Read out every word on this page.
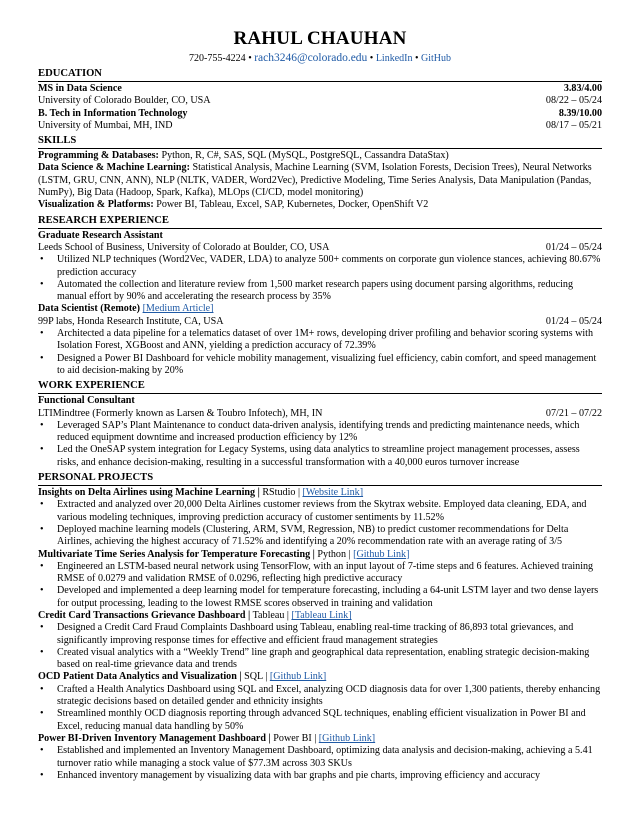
RAHUL CHAUHAN
720-755-4224 • rach3246@colorado.edu • LinkedIn • GitHub
EDUCATION
MS in Data Science	3.83/4.00
University of Colorado Boulder, CO, USA	08/22 – 05/24
B. Tech in Information Technology	8.39/10.00
University of Mumbai, MH, IND	08/17 – 05/21
SKILLS
Programming & Databases: Python, R, C#, SAS, SQL (MySQL, PostgreSQL, Cassandra DataStax)
Data Science & Machine Learning: Statistical Analysis, Machine Learning (SVM, Isolation Forests, Decision Trees), Neural Networks (LSTM, GRU, CNN, ANN), NLP (NLTK, VADER, Word2Vec), Predictive Modeling, Time Series Analysis, Data Manipulation (Pandas, NumPy), Big Data (Hadoop, Spark, Kafka), MLOps (CI/CD, model monitoring)
Visualization & Platforms: Power BI, Tableau, Excel, SAP, Kubernetes, Docker, OpenShift V2
RESEARCH EXPERIENCE
Graduate Research Assistant
Leeds School of Business, University of Colorado at Boulder, CO, USA	01/24 – 05/24
• Utilized NLP techniques (Word2Vec, VADER, LDA) to analyze 500+ comments on corporate gun violence stances, achieving 80.67% prediction accuracy
• Automated the collection and literature review from 1,500 market research papers using document parsing algorithms, reducing manual effort by 90% and accelerating the research process by 35%
Data Scientist (Remote) [Medium Article]
99P labs, Honda Research Institute, CA, USA	01/24 – 05/24
• Architected a data pipeline for a telematics dataset of over 1M+ rows, developing driver profiling and behavior scoring systems with Isolation Forest, XGBoost and ANN, yielding a prediction accuracy of 72.39%
• Designed a Power BI Dashboard for vehicle mobility management, visualizing fuel efficiency, cabin comfort, and speed management to aid decision-making by 20%
WORK EXPERIENCE
Functional Consultant
LTIMindtree (Formerly known as Larsen & Toubro Infotech), MH, IN	07/21 – 07/22
• Leveraged SAP’s Plant Maintenance to conduct data-driven analysis, identifying trends and predicting maintenance needs, which reduced equipment downtime and increased production efficiency by 12%
• Led the OneSAP system integration for Legacy Systems, using data analytics to streamline project management processes, assess risks, and enhance decision-making, resulting in a successful transformation with a 40,000 euros turnover increase
PERSONAL PROJECTS
Insights on Delta Airlines using Machine Learning | RStudio | [Website Link]
• Extracted and analyzed over 20,000 Delta Airlines customer reviews from the Skytrax website. Employed data cleaning, EDA, and various modeling techniques, improving prediction accuracy of customer sentiments by 11.52%
• Deployed machine learning models (Clustering, ARM, SVM, Regression, NB) to predict customer recommendations for Delta Airlines, achieving the highest accuracy of 71.52% and identifying a 20% recommendation rate with an average rating of 3/5
Multivariate Time Series Analysis for Temperature Forecasting | Python | [Github Link]
• Engineered an LSTM-based neural network using TensorFlow, with an input layout of 7-time steps and 6 features. Achieved training RMSE of 0.0279 and validation RMSE of 0.0296, reflecting high predictive accuracy
• Developed and implemented a deep learning model for temperature forecasting, including a 64-unit LSTM layer and two dense layers for output processing, leading to the lowest RMSE scores observed in training and validation
Credit Card Transactions Grievance Dashboard | Tableau | [Tableau Link]
• Designed a Credit Card Fraud Complaints Dashboard using Tableau, enabling real-time tracking of 86,893 total grievances, and significantly improving response times for effective and efficient fraud management strategies
• Created visual analytics with a “Weekly Trend” line graph and geographical data representation, enabling strategic decision-making based on real-time grievance data and trends
OCD Patient Data Analytics and Visualization | SQL | [Github Link]
• Crafted a Health Analytics Dashboard using SQL and Excel, analyzing OCD diagnosis data for over 1,300 patients, thereby enhancing strategic decisions based on detailed gender and ethnicity insights
• Streamlined monthly OCD diagnosis reporting through advanced SQL techniques, enabling efficient visualization in Power BI and Excel, reducing manual data handling by 50%
Power BI-Driven Inventory Management Dashboard | Power BI | [Github Link]
• Established and implemented an Inventory Management Dashboard, optimizing data analysis and decision-making, achieving a 5.41 turnover ratio while managing a stock value of $77.3M across 303 SKUs
• Enhanced inventory management by visualizing data with bar graphs and pie charts, improving efficiency and accuracy
